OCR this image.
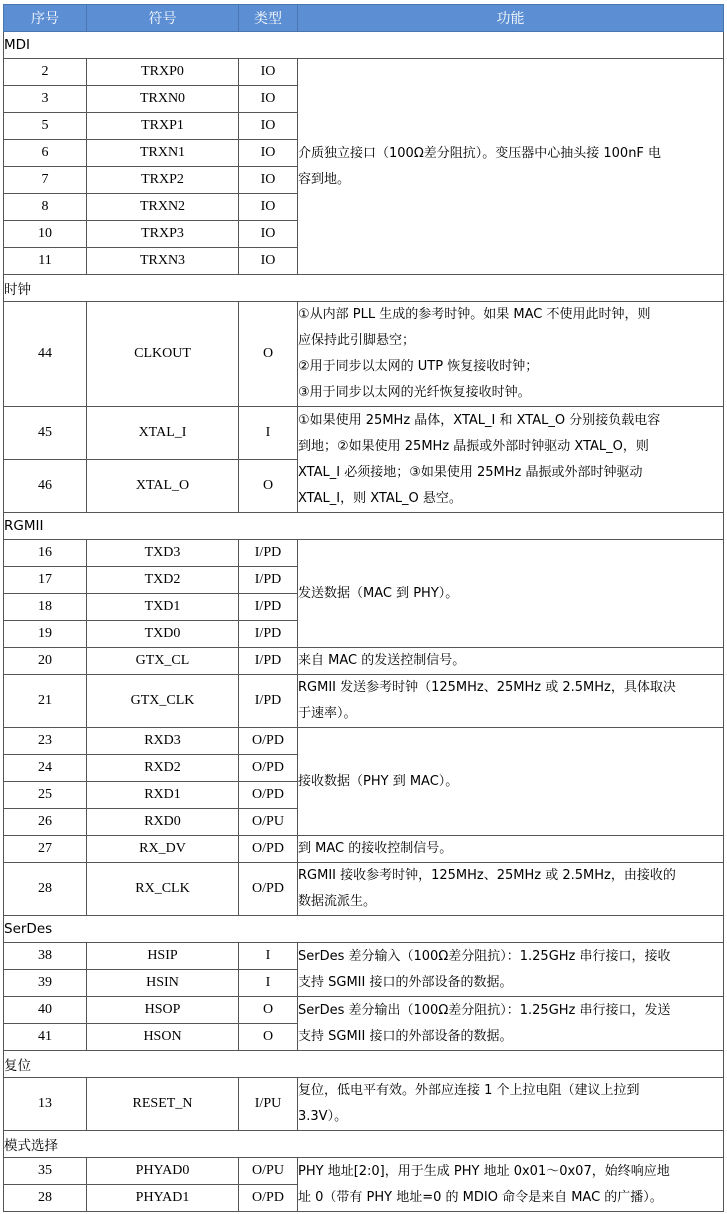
序号	符号	类型	功能
MDI			
2	TRXP0	IO	介质独立接口（100Ω差分阻抗）。变压器中心抽头接 100nF 电
容到地。

3	TRXN0	IO	
5	TRXP1	IO	
6	TRXN1	IO	
7	TRXP2	IO	
8	TRXN2	IO	
10	TRXP3	IO	
11	TRXN3	IO	
时钟			
44	CLKOUT	O	①从内部 PLL 生成的参考时钟。如果 MAC 不使用此时钟，则
应保持此引脚悬空；
②用于同步以太网的 UTP 恢复接收时钟；
③用于同步以太网的光纤恢复接收时钟。

45	XTAL_I	I	①如果使用 25MHz 晶体，XTAL_I 和 XTAL_O 分别接负载电容
到地；②如果使用 25MHz 晶振或外部时钟驱动 XTAL_O，则
XTAL_I 必须接地；③如果使用 25MHz 晶振或外部时钟驱动
XTAL_I，则 XTAL_O 悬空。

46	XTAL_O	O	
RGMII			
16	TXD3	I/PD	发送数据（MAC 到 PHY）。
17	TXD2	I/PD	
18	TXD1	I/PD	
19	TXD0	I/PD	
20	GTX_CL	I/PD	来自 MAC 的发送控制信号。
21	GTX_CLK	I/PD	RGMII 发送参考时钟（125MHz、25MHz 或 2.5MHz，具体取决
于速率）。

23	RXD3	O/PD	接收数据（PHY 到 MAC）。
24	RXD2	O/PD	
25	RXD1	O/PD	
26	RXD0	O/PU	
27	RX_DV	O/PD	到 MAC 的接收控制信号。
28	RX_CLK	O/PD	RGMII 接收参考时钟，125MHz、25MHz 或 2.5MHz，由接收的
数据流派生。

SerDes			
38	HSIP	I	SerDes 差分输入（100Ω差分阻抗）：1.25GHz 串行接口，接收
支持 SGMII 接口的外部设备的数据。

39	HSIN	I	
40	HSOP	O	SerDes 差分输出（100Ω差分阻抗）：1.25GHz 串行接口，发送
支持 SGMII 接口的外部设备的数据。

41	HSON	O	
复位			
13	RESET_N	I/PU	复位，低电平有效。外部应连接 1 个上拉电阻（建议上拉到
3.3V）。

模式选择			
35	PHYAD0	O/PU	PHY 地址[2:0]，用于生成 PHY 地址 0x01～0x07，始终响应地
址 0（带有 PHY 地址=0 的 MDIO 命令是来自 MAC 的广播）。

28	PHYAD1	O/PD	
